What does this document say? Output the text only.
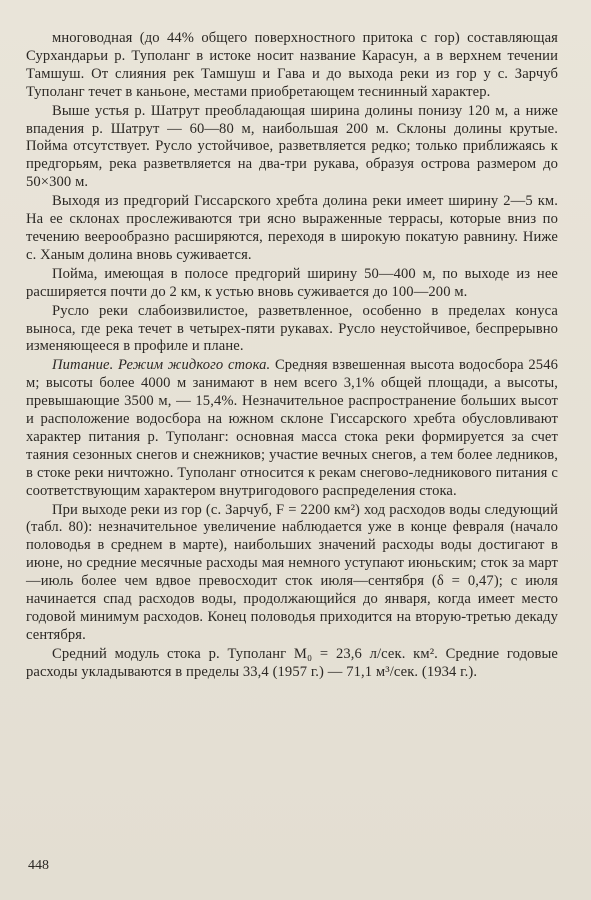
многоводная (до 44% общего поверхностного притока с гор) составляющая Сурхандарьи р. Туполанг в истоке носит название Карасун, а в верхнем течении Тамшуш. От слияния рек Тамшуш и Гава и до выхода реки из гор у с. Зарчуб Туполанг течет в каньоне, местами приобретающем теснинный характер.

Выше устья р. Шатрут преобладающая ширина долины понизу 120 м, а ниже впадения р. Шатрут — 60—80 м, наибольшая 200 м. Склоны долины крутые. Пойма отсутствует. Русло устойчивое, разветвляется редко; только приближаясь к предгорьям, река разветвляется на два-три рукава, образуя острова размером до 50×300 м.

Выходя из предгорий Гиссарского хребта долина реки имеет ширину 2—5 км. На ее склонах прослеживаются три ясно выраженные террасы, которые вниз по течению веерообразно расширяются, переходя в широкую покатую равнину. Ниже с. Ханым долина вновь суживается.

Пойма, имеющая в полосе предгорий ширину 50—400 м, по выходе из нее расширяется почти до 2 км, к устью вновь суживается до 100—200 м.

Русло реки слабоизвилистое, разветвленное, особенно в пределах конуса выноса, где река течет в четырех-пяти рукавах. Русло неустойчивое, беспрерывно изменяющееся в профиле и плане.

Питание. Режим жидкого стока. Средняя взвешенная высота водосбора 2546 м; высоты более 4000 м занимают в нем всего 3,1% общей площади, а высоты, превышающие 3500 м, — 15,4%. Незначительное распространение больших высот и расположение водосбора на южном склоне Гиссарского хребта обусловливают характер питания р. Туполанг: основная масса стока реки формируется за счет таяния сезонных снегов и снежников; участие вечных снегов, а тем более ледников, в стоке реки ничтожно. Туполанг относится к рекам снегово-ледникового питания с соответствующим характером внутригодового распределения стока.

При выходе реки из гор (с. Зарчуб, F = 2200 км²) ход расходов воды следующий (табл. 80): незначительное увеличение наблюдается уже в конце февраля (начало половодья в среднем в марте), наибольших значений расходы воды достигают в июне, но средние месячные расходы мая немного уступают июньским; сток за март—июль более чем вдвое превосходит сток июля—сентября (δ = 0,47); с июля начинается спад расходов воды, продолжающийся до января, когда имеет место годовой минимум расходов. Конец половодья приходится на вторую-третью декаду сентября.

Средний модуль стока р. Туполанг M₀ = 23,6 л/сек. км². Средние годовые расходы укладываются в пределы 33,4 (1957 г.) — 71,1 м³/сек. (1934 г.).

448
